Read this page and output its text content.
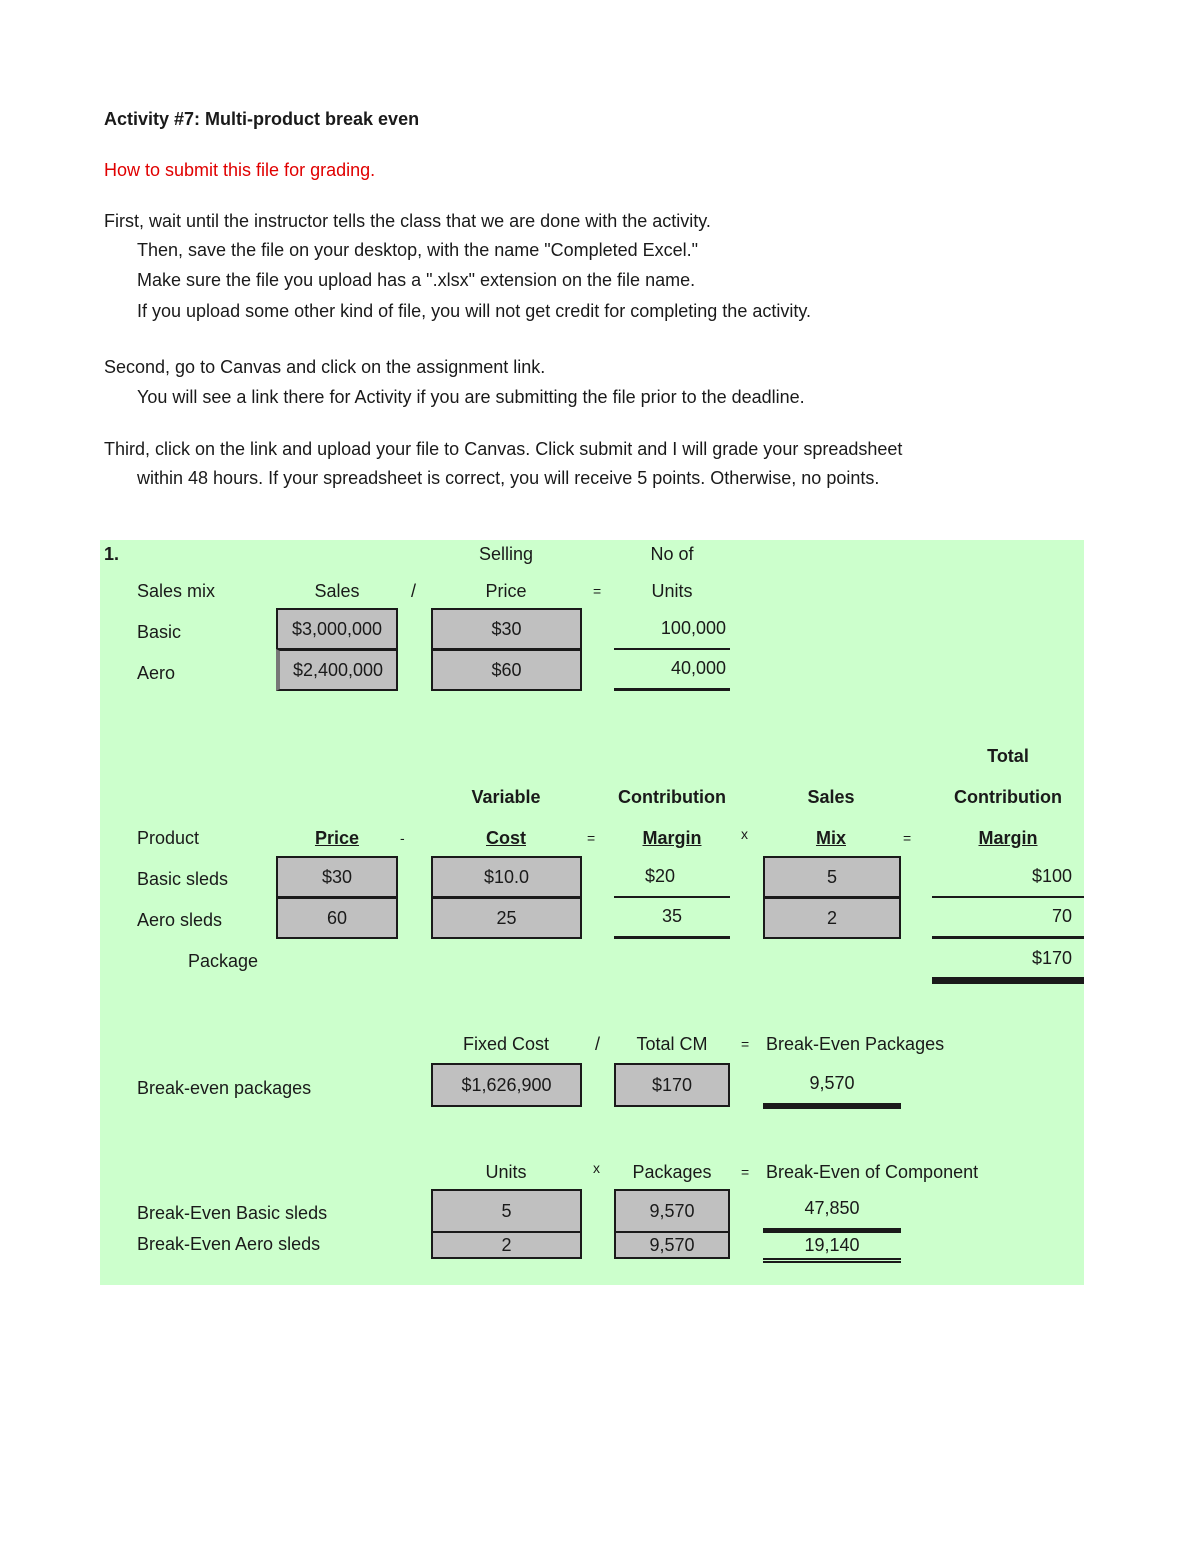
Activity #7: Multi-product break even
How to submit this file for grading.
First, wait until the instructor tells the class that we are done with the activity.
Then, save the file on your desktop, with the name "Completed Excel."
Make sure the file you upload has a ".xlsx" extension on the file name.
If you upload some other kind of file, you will not get credit for completing the activity.
Second, go to Canvas and click on the assignment link.
You will see a link there for Activity if you are submitting the file prior to the deadline.
Third, click on the link and upload your file to Canvas. Click submit and I will grade your spreadsheet
within 48 hours. If your spreadsheet is correct, you will receive 5 points. Otherwise, no points.
1.	Selling	No of
Sales mix	Sales	/	Price	=	Units
Basic	$3,000,000	$30	100,000
Aero	$2,400,000	$60	40,000
Total
Variable	Contribution	Sales	Contribution
Product	Price	-	Cost	=	Margin	x	Mix	=	Margin
Basic sleds	$30	$10.0	$20	5	$100
Aero sleds	60	25	35	2	70
Package	$170
Fixed Cost	/	Total CM	= Break-Even Packages
Break-even packages	$1,626,900	$170	9,570
Units	x	Packages	= Break-Even of Component
Break-Even Basic sleds	5	9,570	47,850
Break-Even Aero sleds	2	9,570	19,140
